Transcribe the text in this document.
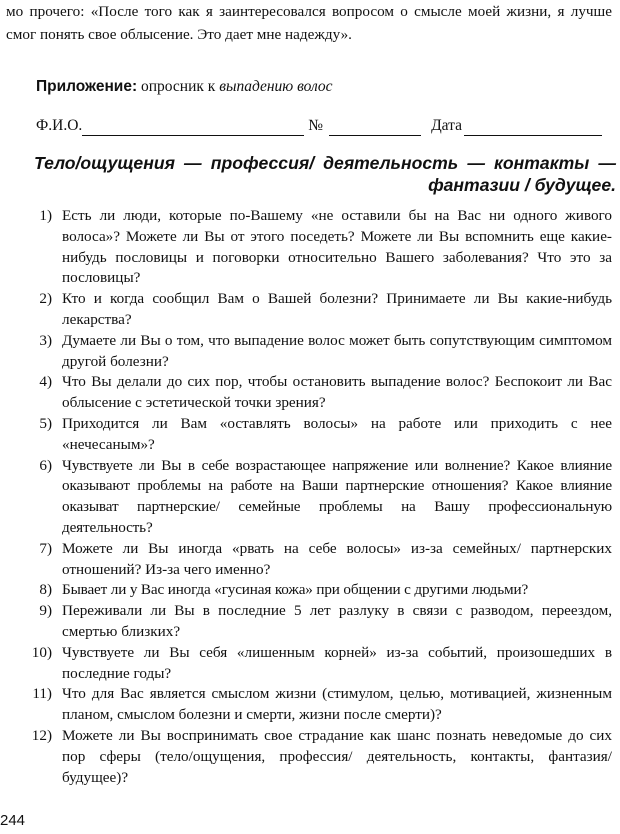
мо прочего: «После того как я заинтересовался вопросом о смысле моей жизни, я лучше смог понять свое облысение. Это дает мне надежду».
Приложение: опросник к выпадению волос
Ф.И.О.	№	Дата
Тело/ощущения — профессия/ деятельность — контакты — фантазии / будущее.
1) Есть ли люди, которые по-Вашему «не оставили бы на Вас ни одного живого волоса»? Можете ли Вы от этого поседеть? Можете ли Вы вспомнить еще какие-нибудь пословицы и поговорки относительно Вашего заболевания? Что это за пословицы?
2) Кто и когда сообщил Вам о Вашей болезни? Принимаете ли Вы какие-нибудь лекарства?
3) Думаете ли Вы о том, что выпадение волос может быть сопутствующим симптомом другой болезни?
4) Что Вы делали до сих пор, чтобы остановить выпадение волос? Беспокоит ли Вас облысение с эстетической точки зрения?
5) Приходится ли Вам «оставлять волосы» на работе или приходить с нее «нечесаным»?
6) Чувствуете ли Вы в себе возрастающее напряжение или волнение? Какое влияние оказывают проблемы на работе на Ваши партнерские отношения? Какое влияние оказыват партнерские/ семейные проблемы на Вашу профессиональную деятельность?
7) Можете ли Вы иногда «рвать на себе волосы» из-за семейных/ партнерских отношений? Из-за чего именно?
8) Бывает ли у Вас иногда «гусиная кожа» при общении с другими людьми?
9) Переживали ли Вы в последние 5 лет разлуку в связи с разводом, переездом, смертью близких?
10) Чувствуете ли Вы себя «лишенным корней» из-за событий, произошедших в последние годы?
11) Что для Вас является смыслом жизни (стимулом, целью, мотивацией, жизненным планом, смыслом болезни и смерти, жизни после смерти)?
12) Можете ли Вы воспринимать свое страдание как шанс познать неведомые до сих пор сферы (тело/ощущения, профессия/ деятельность, контакты, фантазия/ будущее)?
244
